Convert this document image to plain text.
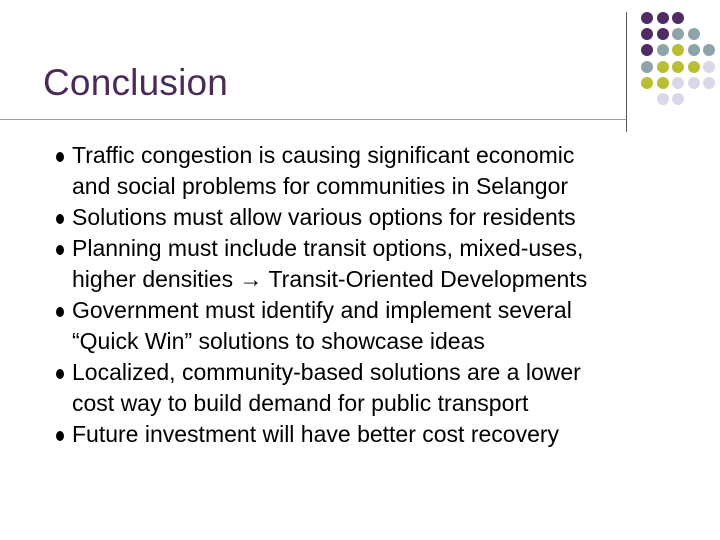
Conclusion
Traffic congestion is causing significant economic
and social problems for communities in Selangor
Solutions must allow various options for residents
Planning must include transit options, mixed-uses,
higher densities → Transit-Oriented Developments
Government must identify and implement several
“Quick Win” solutions to showcase ideas
Localized, community-based solutions are a lower
cost way to build demand for public transport
Future investment will have better cost recovery
